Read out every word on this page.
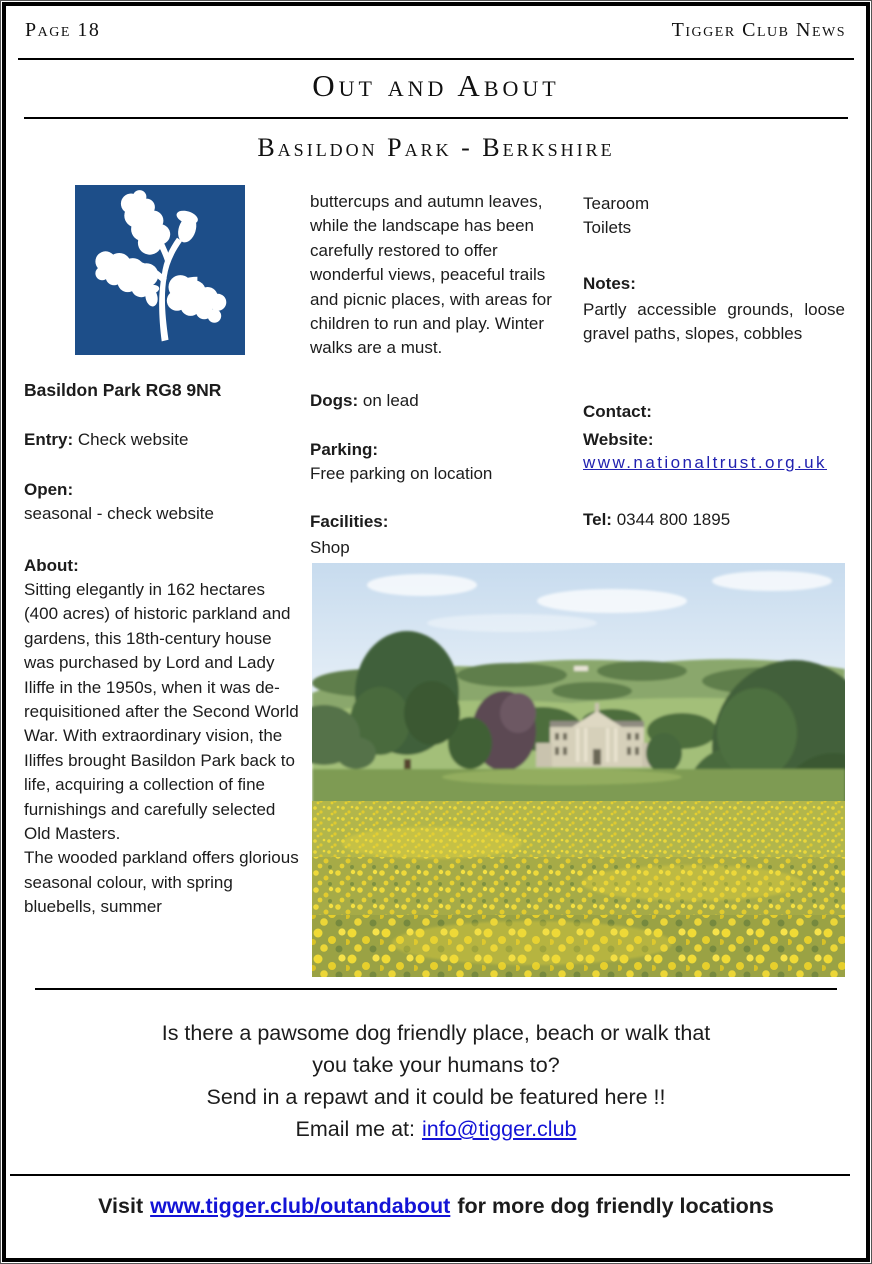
Page 18	Tigger Club News
Out and About
Basildon Park - Berkshire
Basildon Park RG8 9NR
Entry: Check website
Open:
seasonal - check website
About:

Sitting elegantly in 162 hectares (400 acres) of historic parkland and gardens, this 18th-century house was purchased by Lord and Lady Iliffe in the 1950s, when it was de-requisitioned after the Second World War. With extraordinary vision, the Iliffes brought Basildon Park back to life, acquiring a collection of fine furnishings and carefully selected Old Masters.

The wooded parkland offers glorious seasonal colour, with spring bluebells, summer

buttercups and autumn leaves, while the landscape has been carefully restored to offer wonderful views, peaceful trails and picnic places, with areas for children to run and play. Winter walks are a must.
Dogs: on lead
Parking:
Free parking on location
Facilities:
Shop
Tearoom
Toilets
Notes:
Partly accessible grounds, loose gravel paths, slopes, cobbles
Contact:
Website:
www.nationaltrust.org.uk
Tel: 0344 800 1895
Is there a pawsome dog friendly place, beach or walk that
you take your humans to?
Send in a repawt and it could be featured here !!
Email me at: info@tigger.club
Visit www.tigger.club/outandabout for more dog friendly locations
